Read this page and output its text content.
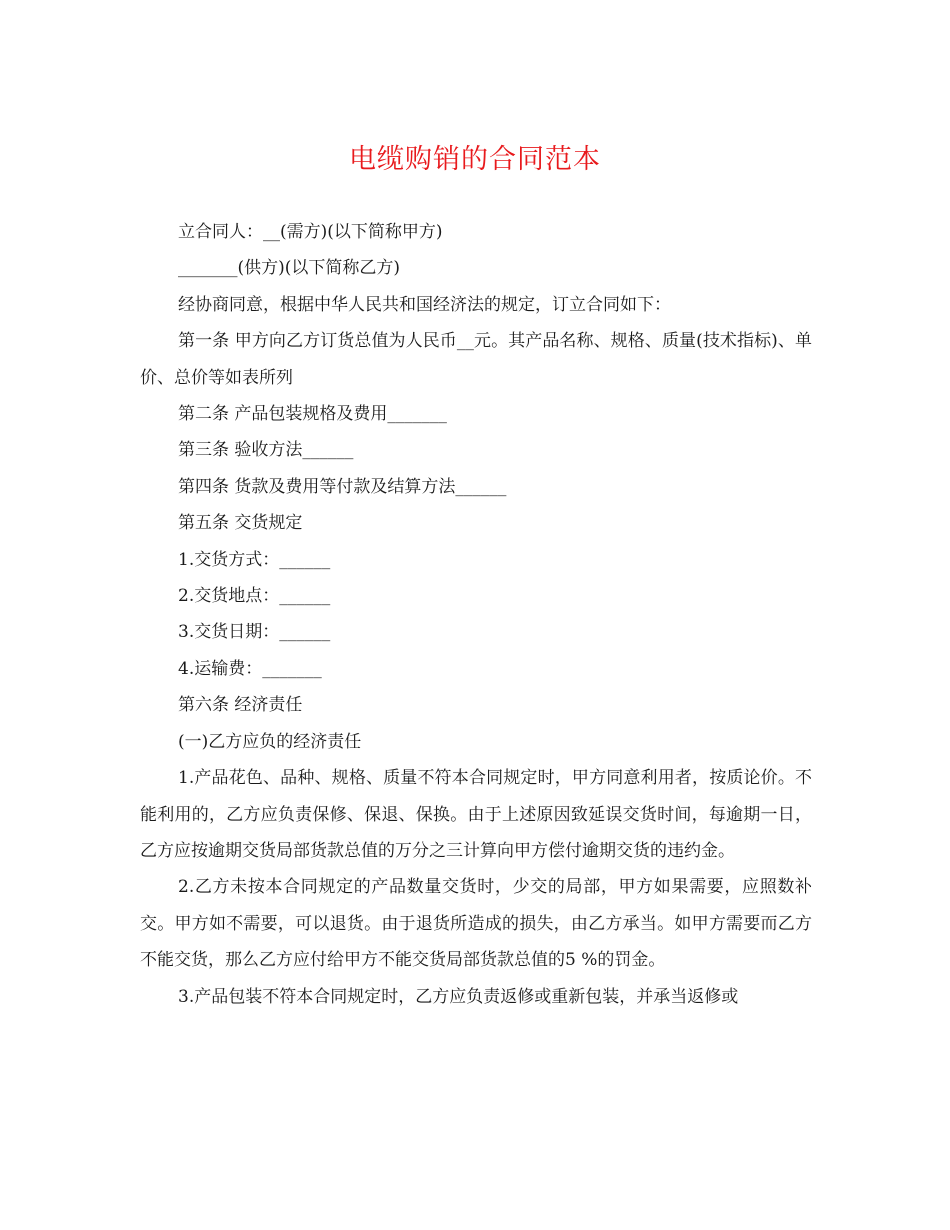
电缆购销的合同范本

立合同人：__(需方)(以下简称甲方)

_______(供方)(以下简称乙方)

经协商同意，根据中华人民共和国经济法的规定，订立合同如下：

第一条 甲方向乙方订货总值为人民币__元。其产品名称、规格、质量(技术指标)、单价、总价等如表所列

第二条 产品包装规格及费用_______

第三条 验收方法______

第四条 货款及费用等付款及结算方法______

第五条 交货规定

1.交货方式：______

2.交货地点：______

3.交货日期：______

4.运输费：_______

第六条 经济责任

(一)乙方应负的经济责任

1.产品花色、品种、规格、质量不符本合同规定时，甲方同意利用者，按质论价。不能利用的，乙方应负责保修、保退、保换。由于上述原因致延误交货时间，每逾期一日，乙方应按逾期交货局部货款总值的万分之三计算向甲方偿付逾期交货的违约金。

2.乙方未按本合同规定的产品数量交货时，少交的局部，甲方如果需要，应照数补交。甲方如不需要，可以退货。由于退货所造成的损失，由乙方承当。如甲方需要而乙方不能交货，那么乙方应付给甲方不能交货局部货款总值的5 %的罚金。

3.产品包装不符本合同规定时，乙方应负责返修或重新包装，并承当返修或
